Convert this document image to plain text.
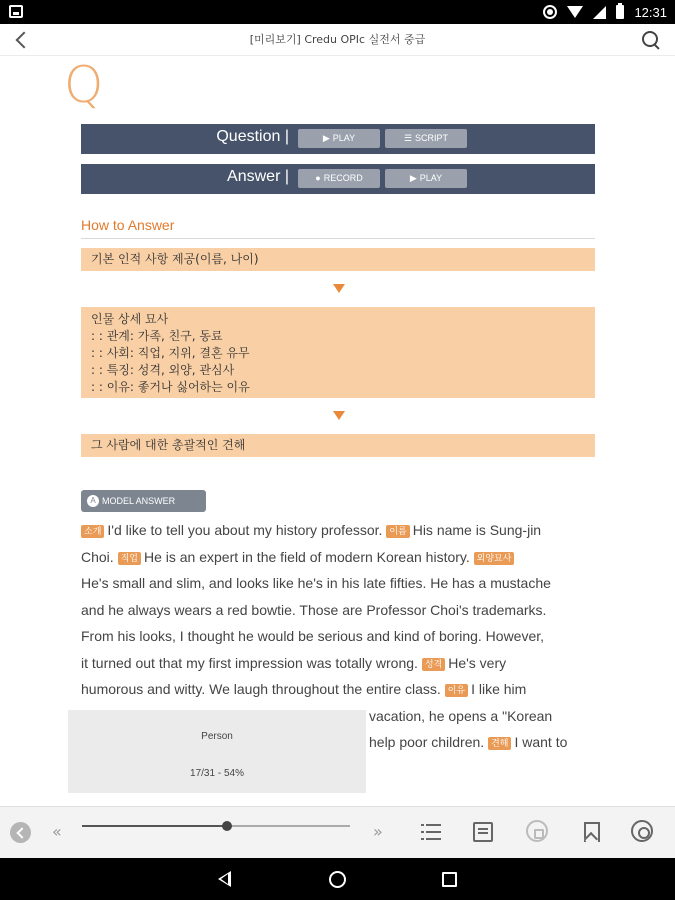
12:31
[미리보기] Credu OPIc 실전서 중급
Q
Question |	▶ PLAY	☰ SCRIPT
Answer |	● RECORD	▶ PLAY
How to Answer
기본 인적 사항 제공(이름, 나이)
인물 상세 묘사
: : 관계: 가족, 친구, 동료
: : 사회: 직업, 지위, 결혼 유무
: : 특징: 성격, 외양, 관심사
: : 이유: 좋거나 싫어하는 이유
그 사람에 대한 총괄적인 견해
A MODEL ANSWER

소개 I'd like to tell you about my history professor. 이름 His name is Sung-jin

Choi. 직업 He is an expert in the field of modern Korean history. 외양묘사

He's small and slim, and looks like he's in his late fifties. He has a mustache

and he always wears a red bowtie. Those are Professor Choi's trademarks.

From his looks, I thought he would be serious and kind of boring. However,

it turned out that my first impression was totally wrong. 성격 He's very

humorous and witty. We laugh throughout the entire class. 이유 I like him

vacation, he opens a "Korean

help poor children. 견해 I want to

Person
17/31 - 54%
«	»
